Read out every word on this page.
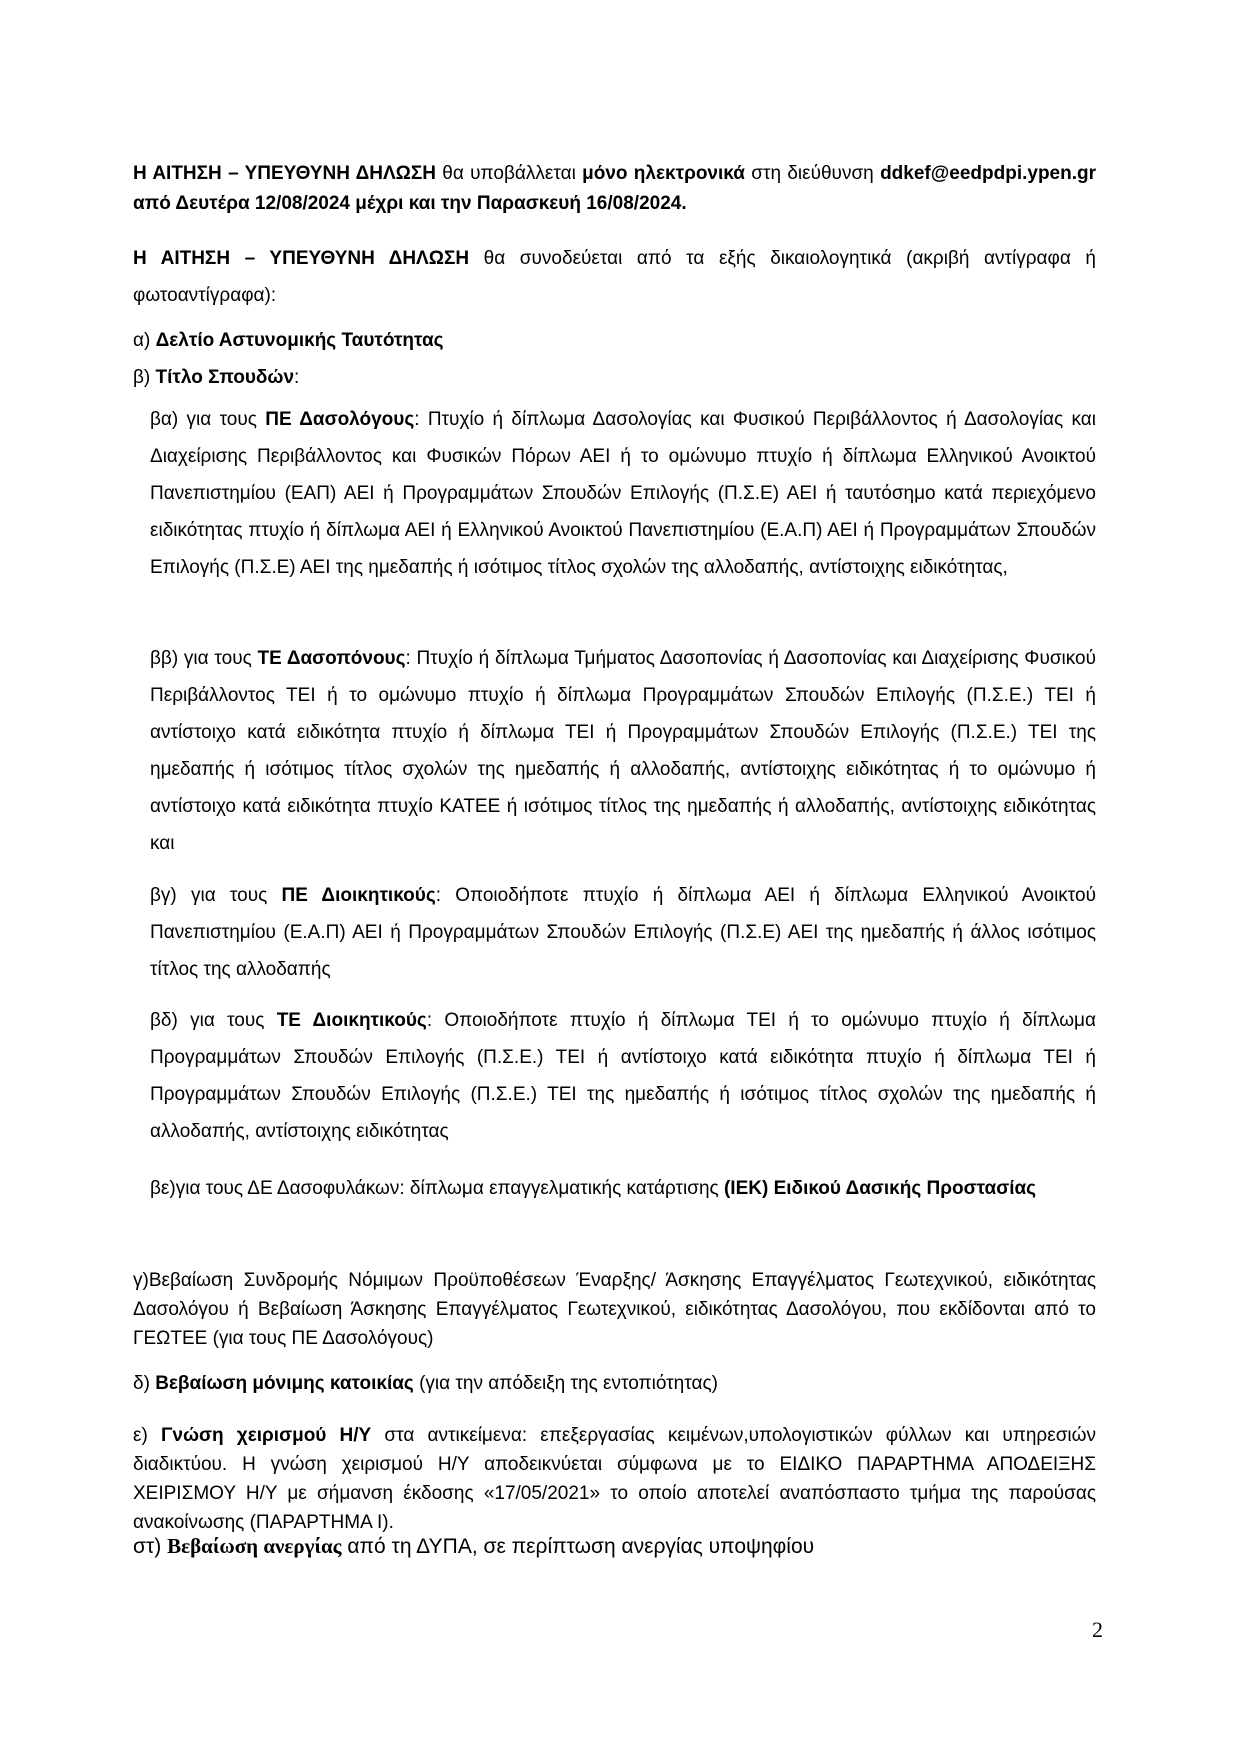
Η ΑΙΤΗΣΗ – ΥΠΕΥΘΥΝΗ ΔΗΛΩΣΗ θα υποβάλλεται μόνο ηλεκτρονικά στη διεύθυνση ddkef@eedpdpi.ypen.gr από Δευτέρα 12/08/2024 μέχρι και την Παρασκευή 16/08/2024.

Η ΑΙΤΗΣΗ – ΥΠΕΥΘΥΝΗ ΔΗΛΩΣΗ θα συνοδεύεται από τα εξής δικαιολογητικά (ακριβή αντίγραφα ή φωτοαντίγραφα):

α) Δελτίο Αστυνομικής Ταυτότητας

β) Τίτλο Σπουδών:

βα) για τους ΠΕ Δασολόγους: Πτυχίο ή δίπλωμα Δασολογίας και Φυσικού Περιβάλλοντος ή Δασολογίας και Διαχείρισης Περιβάλλοντος και Φυσικών Πόρων ΑΕΙ ή το ομώνυμο πτυχίο ή δίπλωμα Ελληνικού Ανοικτού Πανεπιστημίου (ΕΑΠ) ΑΕΙ ή Προγραμμάτων Σπουδών Επιλογής (Π.Σ.Ε) ΑΕΙ ή ταυτόσημο κατά περιεχόμενο ειδικότητας πτυχίο ή δίπλωμα ΑΕΙ ή Ελληνικού Ανοικτού Πανεπιστημίου (Ε.Α.Π) ΑΕΙ ή Προγραμμάτων Σπουδών Επιλογής (Π.Σ.Ε) ΑΕΙ της ημεδαπής ή ισότιμος τίτλος σχολών της αλλοδαπής, αντίστοιχης ειδικότητας,

ββ) για τους ΤΕ Δασοπόνους: Πτυχίο ή δίπλωμα Τμήματος Δασοπονίας ή Δασοπονίας και Διαχείρισης Φυσικού Περιβάλλοντος ΤΕΙ ή το ομώνυμο πτυχίο ή δίπλωμα Προγραμμάτων Σπουδών Επιλογής (Π.Σ.Ε.) ΤΕΙ ή αντίστοιχο κατά ειδικότητα πτυχίο ή δίπλωμα ΤΕΙ ή Προγραμμάτων Σπουδών Επιλογής (Π.Σ.Ε.) ΤΕΙ της ημεδαπής ή ισότιμος τίτλος σχολών της ημεδαπής ή αλλοδαπής, αντίστοιχης ειδικότητας ή το ομώνυμο ή αντίστοιχο κατά ειδικότητα πτυχίο ΚΑΤΕΕ ή ισότιμος τίτλος της ημεδαπής ή αλλοδαπής, αντίστοιχης ειδικότητας και

βγ) για τους ΠΕ Διοικητικούς: Οποιοδήποτε πτυχίο ή δίπλωμα ΑΕΙ ή δίπλωμα Ελληνικού Ανοικτού Πανεπιστημίου (Ε.Α.Π) ΑΕΙ ή Προγραμμάτων Σπουδών Επιλογής (Π.Σ.Ε) ΑΕΙ της ημεδαπής ή άλλος ισότιμος τίτλος της αλλοδαπής

βδ) για τους ΤΕ Διοικητικούς: Οποιοδήποτε πτυχίο ή δίπλωμα ΤΕΙ ή το ομώνυμο πτυχίο ή δίπλωμα Προγραμμάτων Σπουδών Επιλογής (Π.Σ.Ε.) ΤΕΙ ή αντίστοιχο κατά ειδικότητα πτυχίο ή δίπλωμα ΤΕΙ ή Προγραμμάτων Σπουδών Επιλογής (Π.Σ.Ε.) ΤΕΙ της ημεδαπής ή ισότιμος τίτλος σχολών της ημεδαπής ή αλλοδαπής, αντίστοιχης ειδικότητας

βε)για τους ΔΕ Δασοφυλάκων: δίπλωμα επαγγελματικής κατάρτισης (ΙΕΚ) Ειδικού Δασικής Προστασίας

γ)Βεβαίωση Συνδρομής Νόμιμων Προϋποθέσεων Έναρξης/ Άσκησης Επαγγέλματος Γεωτεχνικού, ειδικότητας Δασολόγου ή Βεβαίωση Άσκησης Επαγγέλματος Γεωτεχνικού, ειδικότητας Δασολόγου, που εκδίδονται από το ΓΕΩΤΕΕ (για τους ΠΕ Δασολόγους)

δ) Βεβαίωση μόνιμης κατοικίας (για την απόδειξη της εντοπιότητας)

ε) Γνώση χειρισμού Η/Υ στα αντικείμενα: επεξεργασίας κειμένων,υπολογιστικών φύλλων και υπηρεσιών διαδικτύου. Η γνώση χειρισμού Η/Υ αποδεικνύεται σύμφωνα με το ΕΙΔΙΚΟ ΠΑΡΑΡΤΗΜΑ ΑΠΟΔΕΙΞΗΣ ΧΕΙΡΙΣΜΟΥ Η/Υ με σήμανση έκδοσης «17/05/2021» το οποίο αποτελεί αναπόσπαστο τμήμα της παρούσας ανακοίνωσης (ΠΑΡΑΡΤΗΜΑ Ι).

στ) Βεβαίωση ανεργίας από τη ΔΥΠΑ, σε περίπτωση ανεργίας υποψηφίου

2
